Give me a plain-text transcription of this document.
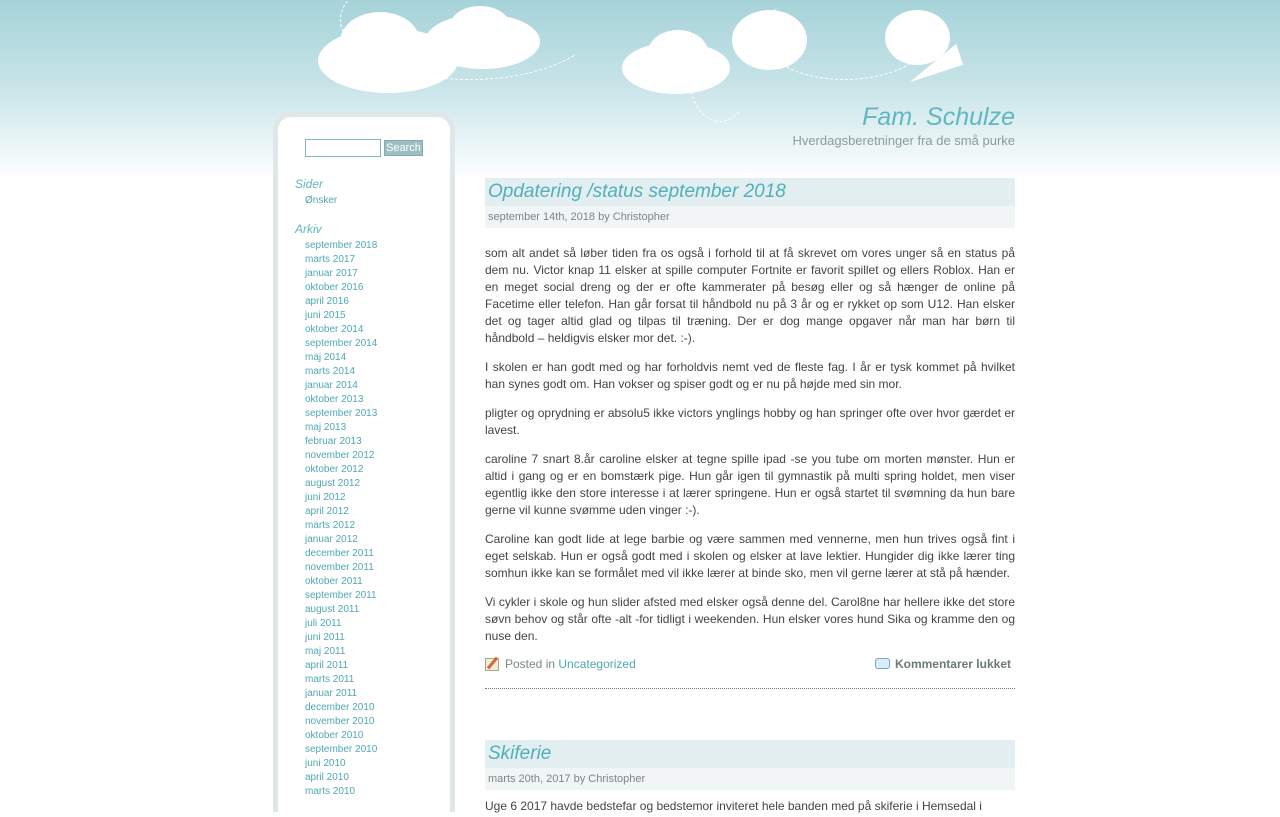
Fam. Schulze
Hverdagsberetninger fra de små purke
Search
Sider
Ønsker
Arkiv
september 2018
marts 2017
januar 2017
oktober 2016
april 2016
juni 2015
oktober 2014
september 2014
maj 2014
marts 2014
januar 2014
oktober 2013
september 2013
maj 2013
februar 2013
november 2012
oktober 2012
august 2012
juni 2012
april 2012
marts 2012
januar 2012
december 2011
november 2011
oktober 2011
september 2011
august 2011
juli 2011
juni 2011
maj 2011
april 2011
marts 2011
januar 2011
december 2010
november 2010
oktober 2010
september 2010
juni 2010
april 2010
marts 2010
Opdatering /status september 2018
september 14th, 2018 by Christopher

som alt andet så løber tiden fra os også i forhold til at få skrevet om vores unger så en status på dem nu. Victor knap 11 elsker at spille computer Fortnite er favorit spillet og ellers Roblox. Han er en meget social dreng og der er ofte kammerater på besøg eller og så hænger de online på Facetime eller telefon. Han går forsat til håndbold nu på 3 år og er rykket op som U12. Han elsker det og tager altid glad og tilpas til træning. Der er dog mange opgaver når man har børn til håndbold – heldigvis elsker mor det. :-).

I skolen er han godt med og har forholdvis nemt ved de fleste fag. I år er tysk kommet på hvilket han synes godt om. Han vokser og spiser godt og er nu på højde med sin mor.

pligter og oprydning er absolu5 ikke victors ynglings hobby og han springer ofte over hvor gærdet er lavest.

caroline 7 snart 8.år caroline elsker at tegne spille ipad -se you tube om morten mønster. Hun er altid i gang og er en bomstærk pige. Hun går igen til gymnastik på multi spring holdet, men viser egentlig ikke den store interesse i at lærer springene. Hun er også startet til svømning da hun bare gerne vil kunne svømme uden vinger :-).

Caroline kan godt lide at lege barbie og være sammen med vennerne, men hun trives også fint i eget selskab. Hun er også godt med i skolen og elsker at lave lektier. Hungider dig ikke lærer ting somhun ikke kan se formålet med vil ikke lærer at binde sko, men vil gerne lærer at stå på hænder.

Vi cykler i skole og hun slider afsted med elsker også denne del. Carol8ne har hellere ikke det store søvn behov og står ofte -alt -for tidligt i weekenden. Hun elsker vores hund Sika og kramme den og nuse den.

Posted in Uncategorized	Kommentarer lukket
Skiferie
marts 20th, 2017 by Christopher

Uge 6 2017 havde bedstefar og bedstemor inviteret hele banden med på skiferie i Hemsedal i
